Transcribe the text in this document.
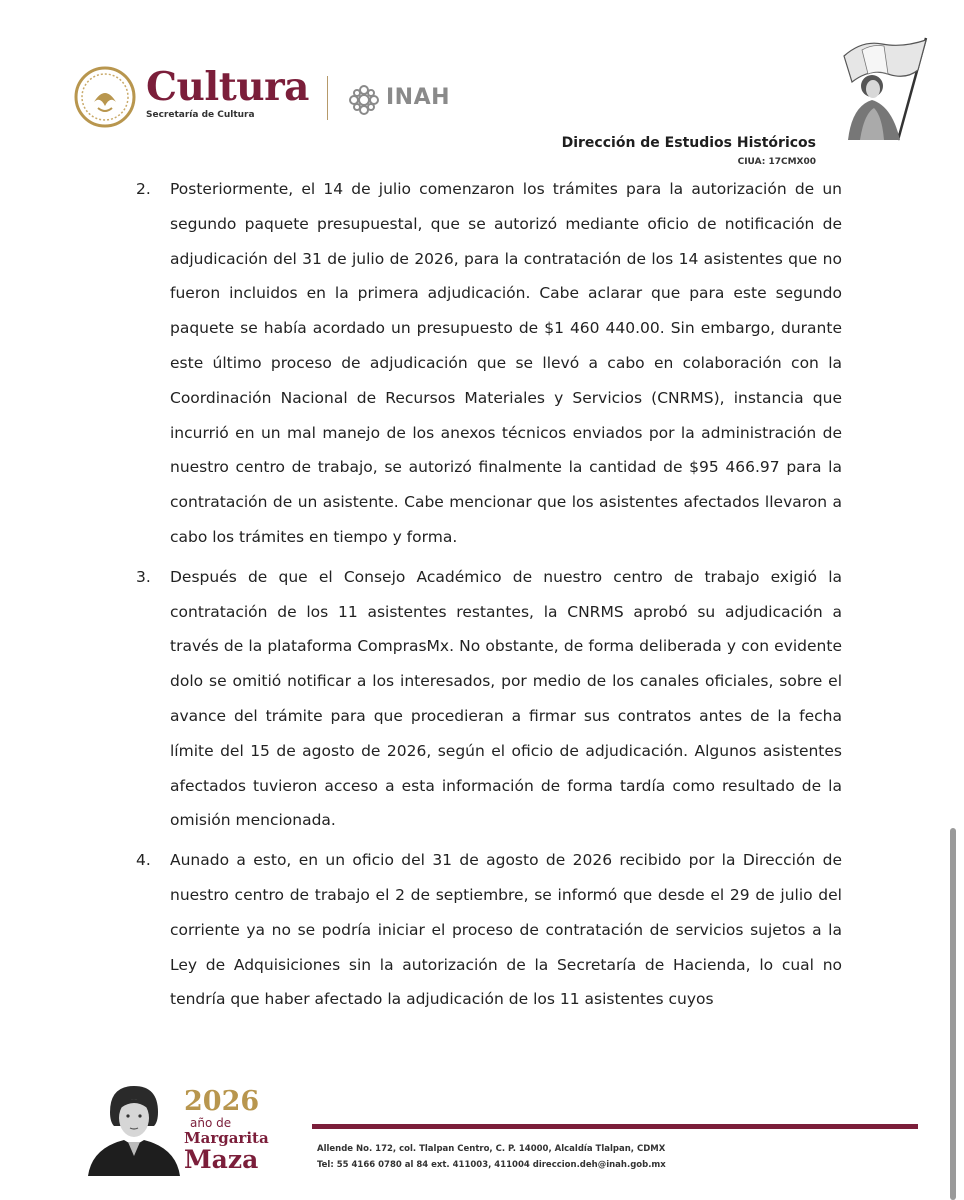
Cultura
Secretaría de Cultura
INAH
Dirección de Estudios Históricos
CIUA: 17CMX00
2. Posteriormente, el 14 de julio comenzaron los trámites para la autorización de un segundo paquete presupuestal, que se autorizó mediante oficio de notificación de adjudicación del 31 de julio de 2026, para la contratación de los 14 asistentes que no fueron incluidos en la primera adjudicación. Cabe aclarar que para este segundo paquete se había acordado un presupuesto de $1 460 440.00. Sin embargo, durante este último proceso de adjudicación que se llevó a cabo en colaboración con la Coordinación Nacional de Recursos Materiales y Servicios (CNRMS), instancia que incurrió en un mal manejo de los anexos técnicos enviados por la administración de nuestro centro de trabajo, se autorizó finalmente la cantidad de $95 466.97 para la contratación de un asistente. Cabe mencionar que los asistentes afectados llevaron a cabo los trámites en tiempo y forma.
3. Después de que el Consejo Académico de nuestro centro de trabajo exigió la contratación de los 11 asistentes restantes, la CNRMS aprobó su adjudicación a través de la plataforma ComprasMx. No obstante, de forma deliberada y con evidente dolo se omitió notificar a los interesados, por medio de los canales oficiales, sobre el avance del trámite para que procedieran a firmar sus contratos antes de la fecha límite del 15 de agosto de 2026, según el oficio de adjudicación. Algunos asistentes afectados tuvieron acceso a esta información de forma tardía como resultado de la omisión mencionada.
4. Aunado a esto, en un oficio del 31 de agosto de 2026 recibido por la Dirección de nuestro centro de trabajo el 2 de septiembre, se informó que desde el 29 de julio del corriente ya no se podría iniciar el proceso de contratación de servicios sujetos a la Ley de Adquisiciones sin la autorización de la Secretaría de Hacienda, lo cual no tendría que haber afectado la adjudicación de los 11 asistentes cuyos
2026
año de
Margarita
Maza	Allende No. 172, col. Tlalpan Centro, C. P. 14000, Alcaldía Tlalpan, CDMX
Tel: 55 4166 0780 al 84 ext. 411003, 411004 direccion.deh@inah.gob.mx
